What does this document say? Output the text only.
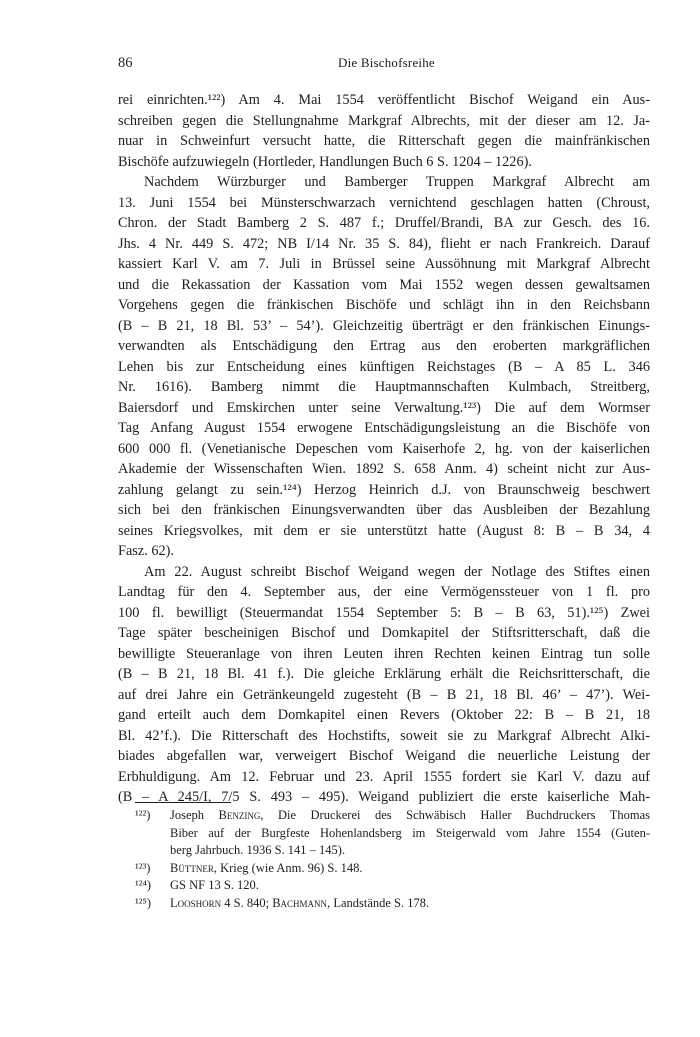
86	Die Bischofsreihe
rei einrichten.¹²²) Am 4. Mai 1554 veröffentlicht Bischof Weigand ein Aus-
schreiben gegen die Stellungnahme Markgraf Albrechts, mit der dieser am 12. Ja-
nuar in Schweinfurt versucht hatte, die Ritterschaft gegen die mainfränkischen
Bischöfe aufzuwiegeln (Hortleder, Handlungen Buch 6 S. 1204 – 1226).
Nachdem Würzburger und Bamberger Truppen Markgraf Albrecht am
13. Juni 1554 bei Münsterschwarzach vernichtend geschlagen hatten (Chroust,
Chron. der Stadt Bamberg 2 S. 487 f.; Druffel/Brandi, BA zur Gesch. des 16.
Jhs. 4 Nr. 449 S. 472; NB I/14 Nr. 35 S. 84), flieht er nach Frankreich. Darauf
kassiert Karl V. am 7. Juli in Brüssel seine Aussöhnung mit Markgraf Albrecht
und die Rekassation der Kassation vom Mai 1552 wegen dessen gewaltsamen
Vorgehens gegen die fränkischen Bischöfe und schlägt ihn in den Reichsbann
(B – B 21, 18 Bl. 53’ – 54’). Gleichzeitig überträgt er den fränkischen Einungs-
verwandten als Entschädigung den Ertrag aus den eroberten markgräflichen
Lehen bis zur Entscheidung eines künftigen Reichstages (B – A 85 L. 346
Nr. 1616). Bamberg nimmt die Hauptmannschaften Kulmbach, Streitberg,
Baiersdorf und Emskirchen unter seine Verwaltung.¹²³) Die auf dem Wormser
Tag Anfang August 1554 erwogene Entschädigungsleistung an die Bischöfe von
600 000 fl. (Venetianische Depeschen vom Kaiserhofe 2, hg. von der kaiserlichen
Akademie der Wissenschaften Wien. 1892 S. 658 Anm. 4) scheint nicht zur Aus-
zahlung gelangt zu sein.¹²⁴) Herzog Heinrich d.J. von Braunschweig beschwert
sich bei den fränkischen Einungsverwandten über das Ausbleiben der Bezahlung
seines Kriegsvolkes, mit dem er sie unterstützt hatte (August 8: B – B 34, 4
Fasz. 62).
Am 22. August schreibt Bischof Weigand wegen der Notlage des Stiftes einen
Landtag für den 4. September aus, der eine Vermögenssteuer von 1 fl. pro
100 fl. bewilligt (Steuermandat 1554 September 5: B – B 63, 51).¹²⁵) Zwei
Tage später bescheinigen Bischof und Domkapitel der Stiftsritterschaft, daß die
bewilligte Steueranlage von ihren Leuten ihren Rechten keinen Eintrag tun solle
(B – B 21, 18 Bl. 41 f.). Die gleiche Erklärung erhält die Reichsritterschaft, die
auf drei Jahre ein Getränkeungeld zugesteht (B – B 21, 18 Bl. 46’ – 47’). Wei-
gand erteilt auch dem Domkapitel einen Revers (Oktober 22: B – B 21, 18
Bl. 42’f.). Die Ritterschaft des Hochstifts, soweit sie zu Markgraf Albrecht Alki-
biades abgefallen war, verweigert Bischof Weigand die neuerliche Leistung der
Erbhuldigung. Am 12. Februar und 23. April 1555 fordert sie Karl V. dazu auf
(B – A 245/I, 7/5 S. 493 – 495). Weigand publiziert die erste kaiserliche Mah-
¹²²) Joseph Benzing, Die Druckerei des Schwäbisch Haller Buchdruckers Thomas
Biber auf der Burgfeste Hohenlandsberg im Steigerwald vom Jahre 1554 (Guten-
berg Jahrbuch. 1936 S. 141 – 145).
¹²³) Büttner, Krieg (wie Anm. 96) S. 148.
¹²⁴) GS NF 13 S. 120.
¹²⁵) Looshorn 4 S. 840; Bachmann, Landstände S. 178.
